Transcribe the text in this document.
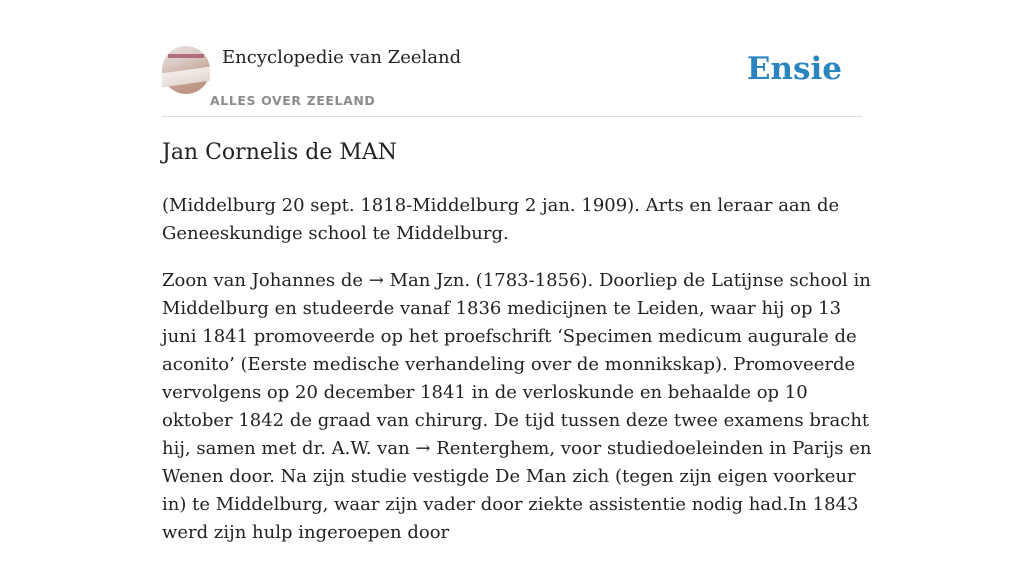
Encyclopedie van Zeeland
ALLES OVER ZEELAND
Ensie
Jan Cornelis de MAN

(Middelburg 20 sept. 1818-Middelburg 2 jan. 1909). Arts en leraar aan de Geneeskundige school te Middelburg.

Zoon van Johannes de → Man Jzn. (1783-1856). Doorliep de Latijnse school in Middelburg en studeerde vanaf 1836 medicijnen te Leiden, waar hij op 13 juni 1841 promoveerde op het proefschrift ‘Specimen medicum augurale de aconito’ (Eerste medische verhandeling over de monnikskap). Promoveerde vervolgens op 20 december 1841 in de verloskunde en behaalde op 10 oktober 1842 de graad van chirurg. De tijd tussen deze twee examens bracht hij, samen met dr. A.W. van → Renterghem, voor studiedoeleinden in Parijs en Wenen door. Na zijn studie vestigde De Man zich (tegen zijn eigen voorkeur in) te Middelburg, waar zijn vader door ziekte assistentie nodig had.In 1843 werd zijn hulp ingeroepen door
